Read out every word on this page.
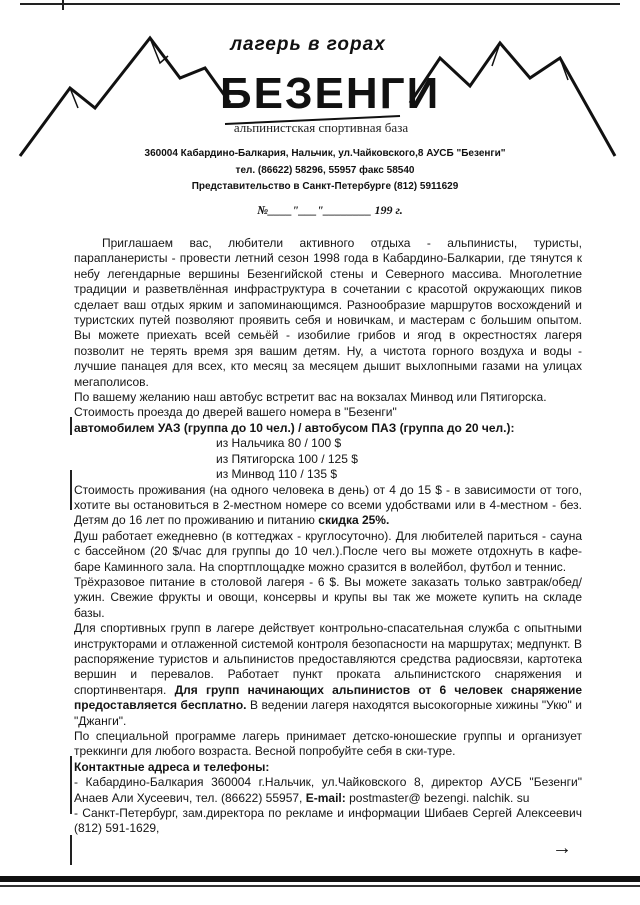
лагерь в горах
БЕЗЕНГИ
альпинистская спортивная база
360004 Кабардино-Балкария, Нальчик, ул.Чайковского,8 АУСБ "Безенги"
тел. (86622) 58296, 55957 факс 58540
Представительство в Санкт-Петербурге (812) 5911629
№____"___"________ 199 г.

Приглашаем вас, любители активного отдыха - альпинисты, туристы, парапланеристы - провести летний сезон 1998 года в Кабардино-Балкарии, где тянутся к небу легендарные вершины Безенгийской стены и Северного массива. Многолетние традиции и разветвлённая инфраструктура в сочетании с красотой окружающих пиков сделает ваш отдых ярким и запоминающимся. Разнообразие маршрутов восхождений и туристских путей позволяют проявить себя и новичкам, и мастерам с большим опытом. Вы можете приехать всей семьёй - изобилие грибов и ягод в окрестностях лагеря позволит не терять время зря вашим детям. Ну, а чистота горного воздуха и воды - лучшие панацея для всех, кто месяц за месяцем дышит выхлопными газами на улицах мегаполисов.

По вашему желанию наш автобус встретит вас на вокзалах Минвод или Пятигорска.

Стоимость проезда до дверей вашего номера в "Безенги"

автомобилем УАЗ (группа до 10 чел.) / автобусом ПАЗ (группа до 20 чел.):

из Нальчика 80 / 100 $

из Пятигорска 100 / 125 $

из Минвод 110 / 135 $

Стоимость проживания (на одного человека в день) от 4 до 15 $ - в зависимости от того, хотите вы остановиться в 2-местном номере со всеми удобствами или в 4-местном - без. Детям до 16 лет по проживанию и питанию скидка 25%.

Душ работает ежедневно (в коттеджах - круглосуточно). Для любителей париться - сауна с бассейном (20 $/час для группы до 10 чел.).После чего вы можете отдохнуть в кафе-баре Каминного зала. На спортплощадке можно сразится в волейбол, футбол и теннис.

Трёхразовое питание в столовой лагеря - 6 $. Вы можете заказать только завтрак/обед/ужин. Свежие фрукты и овощи, консервы и крупы вы так же можете купить на складе базы.

Для спортивных групп в лагере действует контрольно-спасательная служба с опытными инструкторами и отлаженной системой контроля безопасности на маршрутах; медпункт. В распоряжение туристов и альпинистов предоставляются средства радиосвязи, картотека вершин и перевалов. Работает пункт проката альпинистского снаряжения и спортинвентаря. Для групп начинающих альпинистов от 6 человек снаряжение предоставляется бесплатно. В ведении лагеря находятся высокогорные хижины "Укю" и "Джанги".

По специальной программе лагерь принимает детско-юношеские группы и организует треккинги для любого возраста. Весной попробуйте себя в ски-туре.

Контактные адреса и телефоны:

- Кабардино-Балкария 360004 г.Нальчик, ул.Чайковского 8, директор АУСБ "Безенги" Анаев Али Хусеевич, тел. (86622) 55957, E-mail: postmaster@ bezengi. nalchik. su

- Санкт-Петербург, зам.директора по рекламе и информации Шибаев Сергей Алексеевич (812) 591-1629,

→
